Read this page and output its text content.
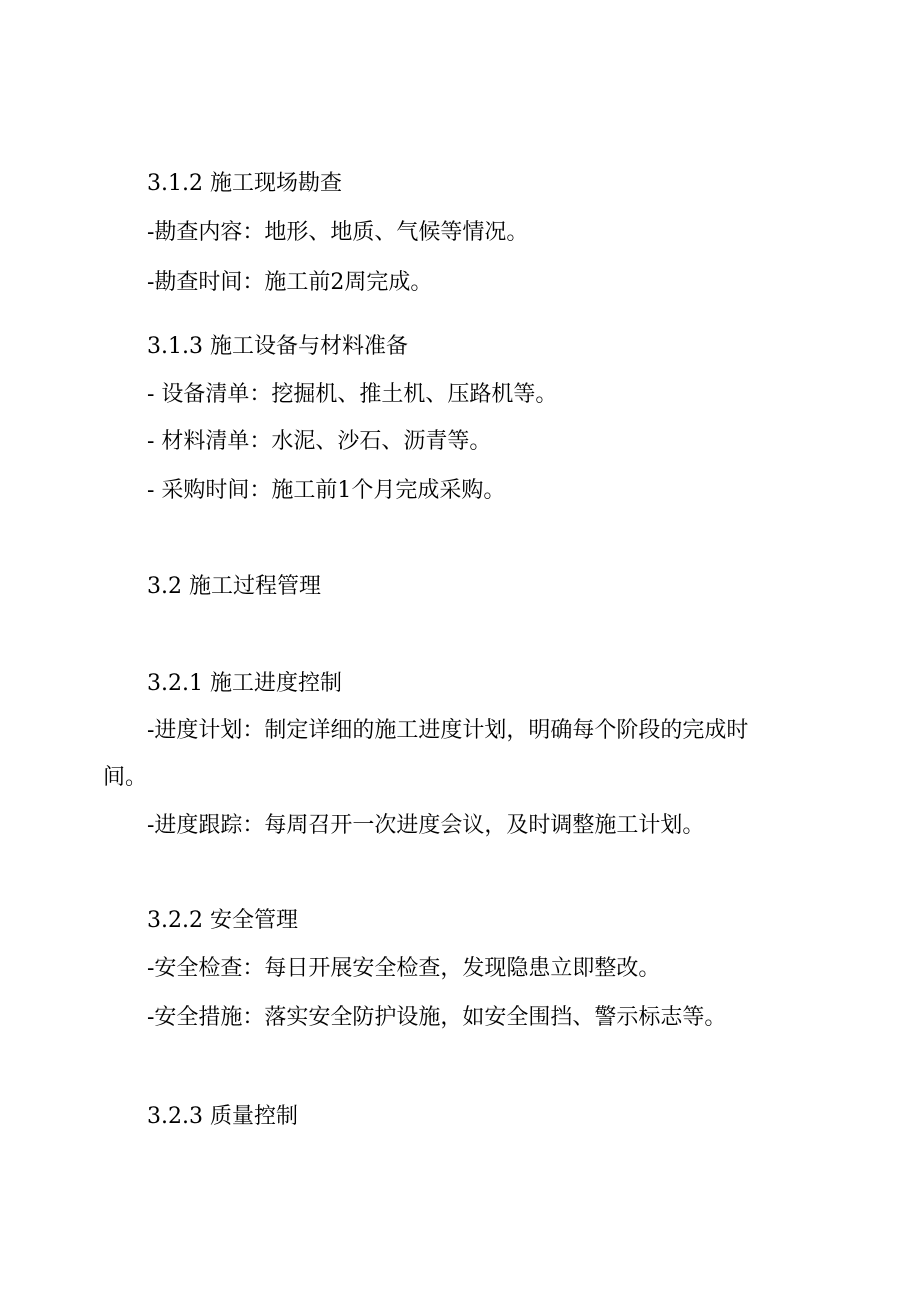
3.1.2 施工现场勘查

-勘查内容：地形、地质、气候等情况。

-勘查时间：施工前2周完成。

3.1.3 施工设备与材料准备

- 设备清单：挖掘机、推土机、压路机等。

- 材料清单：水泥、沙石、沥青等。

- 采购时间：施工前1个月完成采购。

3.2 施工过程管理

3.2.1 施工进度控制

-进度计划：制定详细的施工进度计划，明确每个阶段的完成时

间。

-进度跟踪：每周召开一次进度会议，及时调整施工计划。

3.2.2 安全管理

-安全检查：每日开展安全检查，发现隐患立即整改。

-安全措施：落实安全防护设施，如安全围挡、警示标志等。

3.2.3 质量控制
